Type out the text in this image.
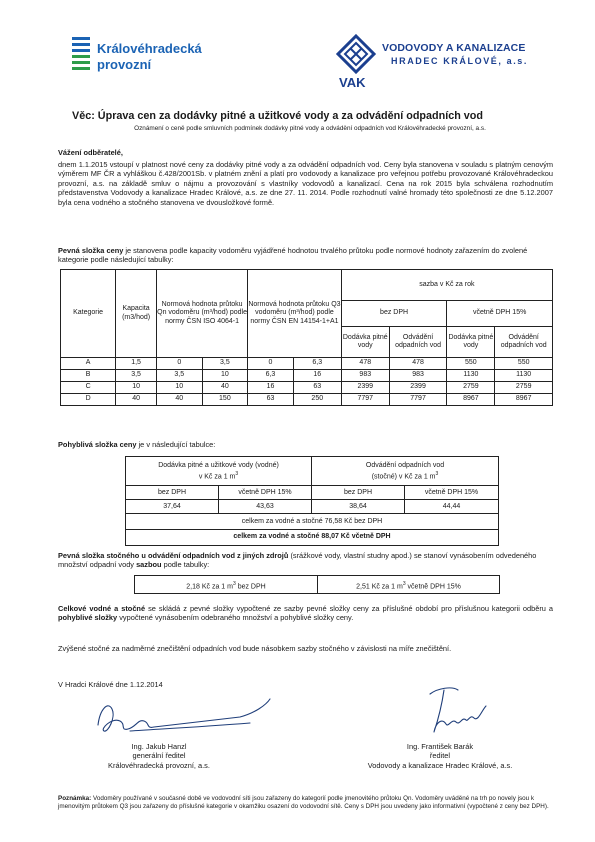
Královéhradecká
provozní
VAK
VODOVODY A KANALIZACE
HRADEC KRÁLOVÉ, a.s.
Věc: Úprava cen za dodávky pitné a užitkové vody a za odvádění odpadních vod
Oznámení o ceně podle smluvních podmínek dodávky pitné vody a odvádění odpadních vod Královéhradecké provozní, a.s.
Vážení odběratelé,
dnem 1.1.2015 vstoupí v platnost nové ceny za dodávky pitné vody a za odvádění odpadních vod. Ceny byla stanovena v souladu s platným cenovým výměrem MF ČR a vyhláškou č.428/2001Sb. v platném znění a platí pro vodovody a kanalizace pro veřejnou potřebu provozované Královéhradeckou provozní, a.s. na základě smluv o nájmu a provozování s vlastníky vodovodů a kanalizací. Cena na rok 2015 byla schválena rozhodnutím představenstva Vodovody a kanalizace Hradec Králové, a.s. ze dne 27. 11. 2014. Podle rozhodnutí valné hromady této společnosti ze dne 5.12.2007 byla cena vodného a stočného stanovena ve dvousložkové formě.
Pevná složka ceny je stanovena podle kapacity vodoměru vyjádřené hodnotou trvalého průtoku podle normové hodnoty zařazením do zvolené kategorie podle následující tabulky:
Kategorie	Kapacita (m3/hod)	Normová hodnota průtoku Qn vodoměru (m³/hod) podle normy ČSN ISO 4064-1		Normová hodnota průtoku Q3 vodoměru (m³/hod) podle normy ČSN EN 14154-1+A1		sazba v Kč za rok			
						bez DPH		včetně DPH 15%	
						Dodávka pitné vody	Odvádění odpadních vod	Dodávka pitné vody	Odvádění odpadních vod
A	1,5	0	3,5	0	6,3	478	478	550	550
B	3,5	3,5	10	6,3	16	983	983	1130	1130
C	10	10	40	16	63	2399	2399	2759	2759
D	40	40	150	63	250	7797	7797	8967	8967
Pohyblivá složka ceny je v následující tabulce:
Dodávka pitné a užitkové vody (vodné)
v Kč za 1 $m^3$
Odvádění odpadních vod
(stočné) v Kč za 1 $m^3$
bez DPH	včetně DPH 15%	bez DPH	včetně DPH 15%
37,64	43,63	38,64	44,44
celkem za vodné a stočné 76,58 Kč bez DPH
celkem za vodné a stočné 88,07 Kč včetně DPH
Pevná složka stočného u odvádění odpadních vod z jiných zdrojů (srážkové vody, vlastní studny apod.) se stanoví vynásobením odvedeného množství odpadní vody sazbou podle tabulky:
2,18 Kč za 1 $m^3$ bez DPH	2,51 Kč za 1 $m^3$ včetně DPH 15%
Celkové vodné a stočné se skládá z pevné složky vypočtené ze sazby pevné složky ceny za příslušné období pro příslušnou kategorii odběru a pohyblivé složky vypočtené vynásobením odebraného množství a pohyblivé složky ceny.
Zvýšené stočné za nadměrné znečištění odpadních vod bude násobkem sazby stočného v závislosti na míře znečištění.
V Hradci Králové dne 1.12.2014
Ing. Jakub Hanzl
generální ředitel
Královéhradecká provozní, a.s.
Ing. František Barák
ředitel
Vodovody a kanalizace Hradec Králové, a.s.
Poznámka: Vodoměry používané v současné době ve vodovodní síti jsou zařazeny do kategorií podle jmenovitého průtoku Qn. Vodoměry uváděné na trh po novely jsou k jmenovitým průtokem Q3 jsou zařazeny do příslušné kategorie v okamžiku osazení do vodovodní sítě. Ceny s DPH jsou uvedeny jako informativní (vypočtené z ceny bez DPH).
